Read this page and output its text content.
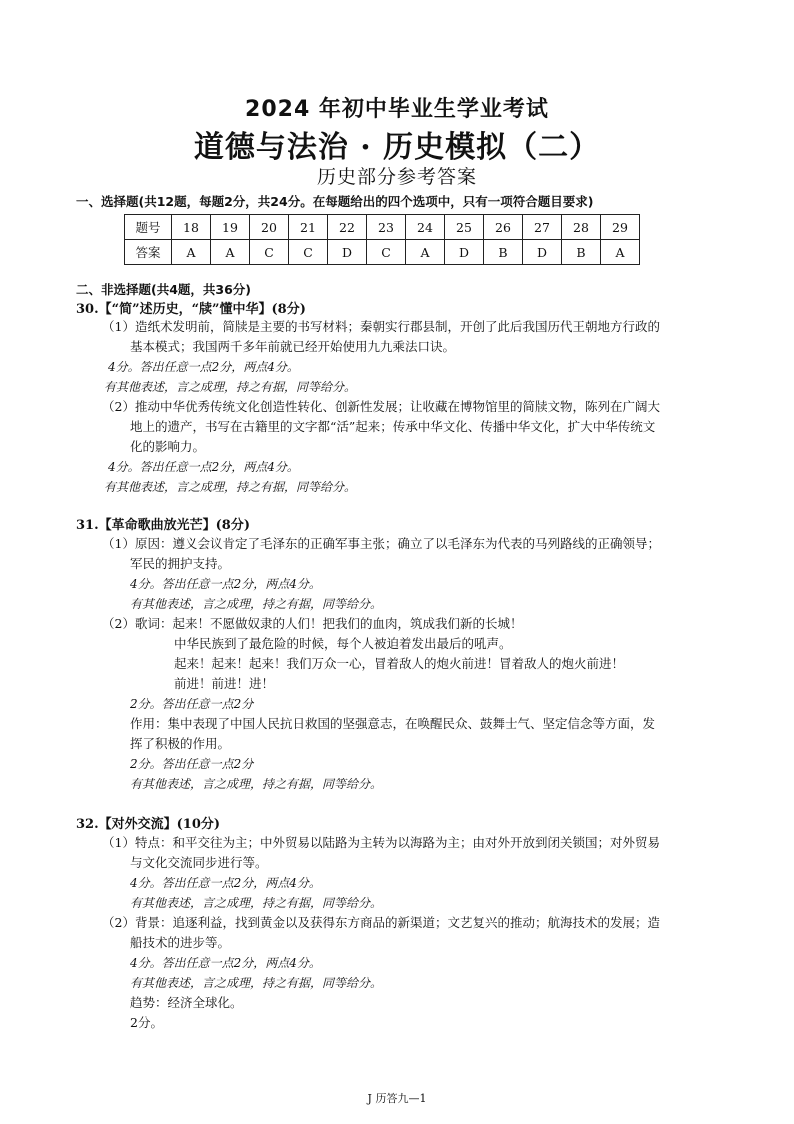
2024 年初中毕业生学业考试
道德与法治 · 历史模拟（二）
历史部分参考答案
一、选择题(共12题，每题2分，共24分。在每题给出的四个选项中，只有一项符合题目要求)
题号	18	19	20	21	22	23	24	25	26	27	28	29
答案	A	A	C	C	D	C	A	D	B	D	B	A
二、非选择题(共4题，共36分)
30.【“简”述历史，“牍”懂中华】(8分)
（1）造纸术发明前，简牍是主要的书写材料；秦朝实行郡县制，开创了此后我国历代王朝地方行政的
基本模式；我国两千多年前就已经开始使用九九乘法口诀。
4分。答出任意一点2分，两点4分。
有其他表述，言之成理，持之有据，同等给分。
（2）推动中华优秀传统文化创造性转化、创新性发展；让收藏在博物馆里的简牍文物，陈列在广阔大
地上的遗产，书写在古籍里的文字都“活”起来；传承中华文化、传播中华文化，扩大中华传统文
化的影响力。
4分。答出任意一点2分，两点4分。
有其他表述，言之成理，持之有据，同等给分。
31.【革命歌曲放光芒】(8分)
（1）原因：遵义会议肯定了毛泽东的正确军事主张；确立了以毛泽东为代表的马列路线的正确领导；
军民的拥护支持。
4分。答出任意一点2分，两点4分。
有其他表述，言之成理，持之有据，同等给分。
（2）歌词：起来！不愿做奴隶的人们！把我们的血肉，筑成我们新的长城！
中华民族到了最危险的时候，每个人被迫着发出最后的吼声。
起来！起来！起来！我们万众一心，冒着敌人的炮火前进！冒着敌人的炮火前进！
前进！前进！进！
2分。答出任意一点2分
作用：集中表现了中国人民抗日救国的坚强意志，在唤醒民众、鼓舞士气、坚定信念等方面，发
挥了积极的作用。
2分。答出任意一点2分
有其他表述，言之成理，持之有据，同等给分。
32.【对外交流】(10分)
（1）特点：和平交往为主；中外贸易以陆路为主转为以海路为主；由对外开放到闭关锁国；对外贸易
与文化交流同步进行等。
4分。答出任意一点2分，两点4分。
有其他表述，言之成理，持之有据，同等给分。
（2）背景：追逐利益，找到黄金以及获得东方商品的新渠道；文艺复兴的推动；航海技术的发展；造
船技术的进步等。
4分。答出任意一点2分，两点4分。
有其他表述，言之成理，持之有据，同等给分。
趋势：经济全球化。
2分。
J 历答九—1
